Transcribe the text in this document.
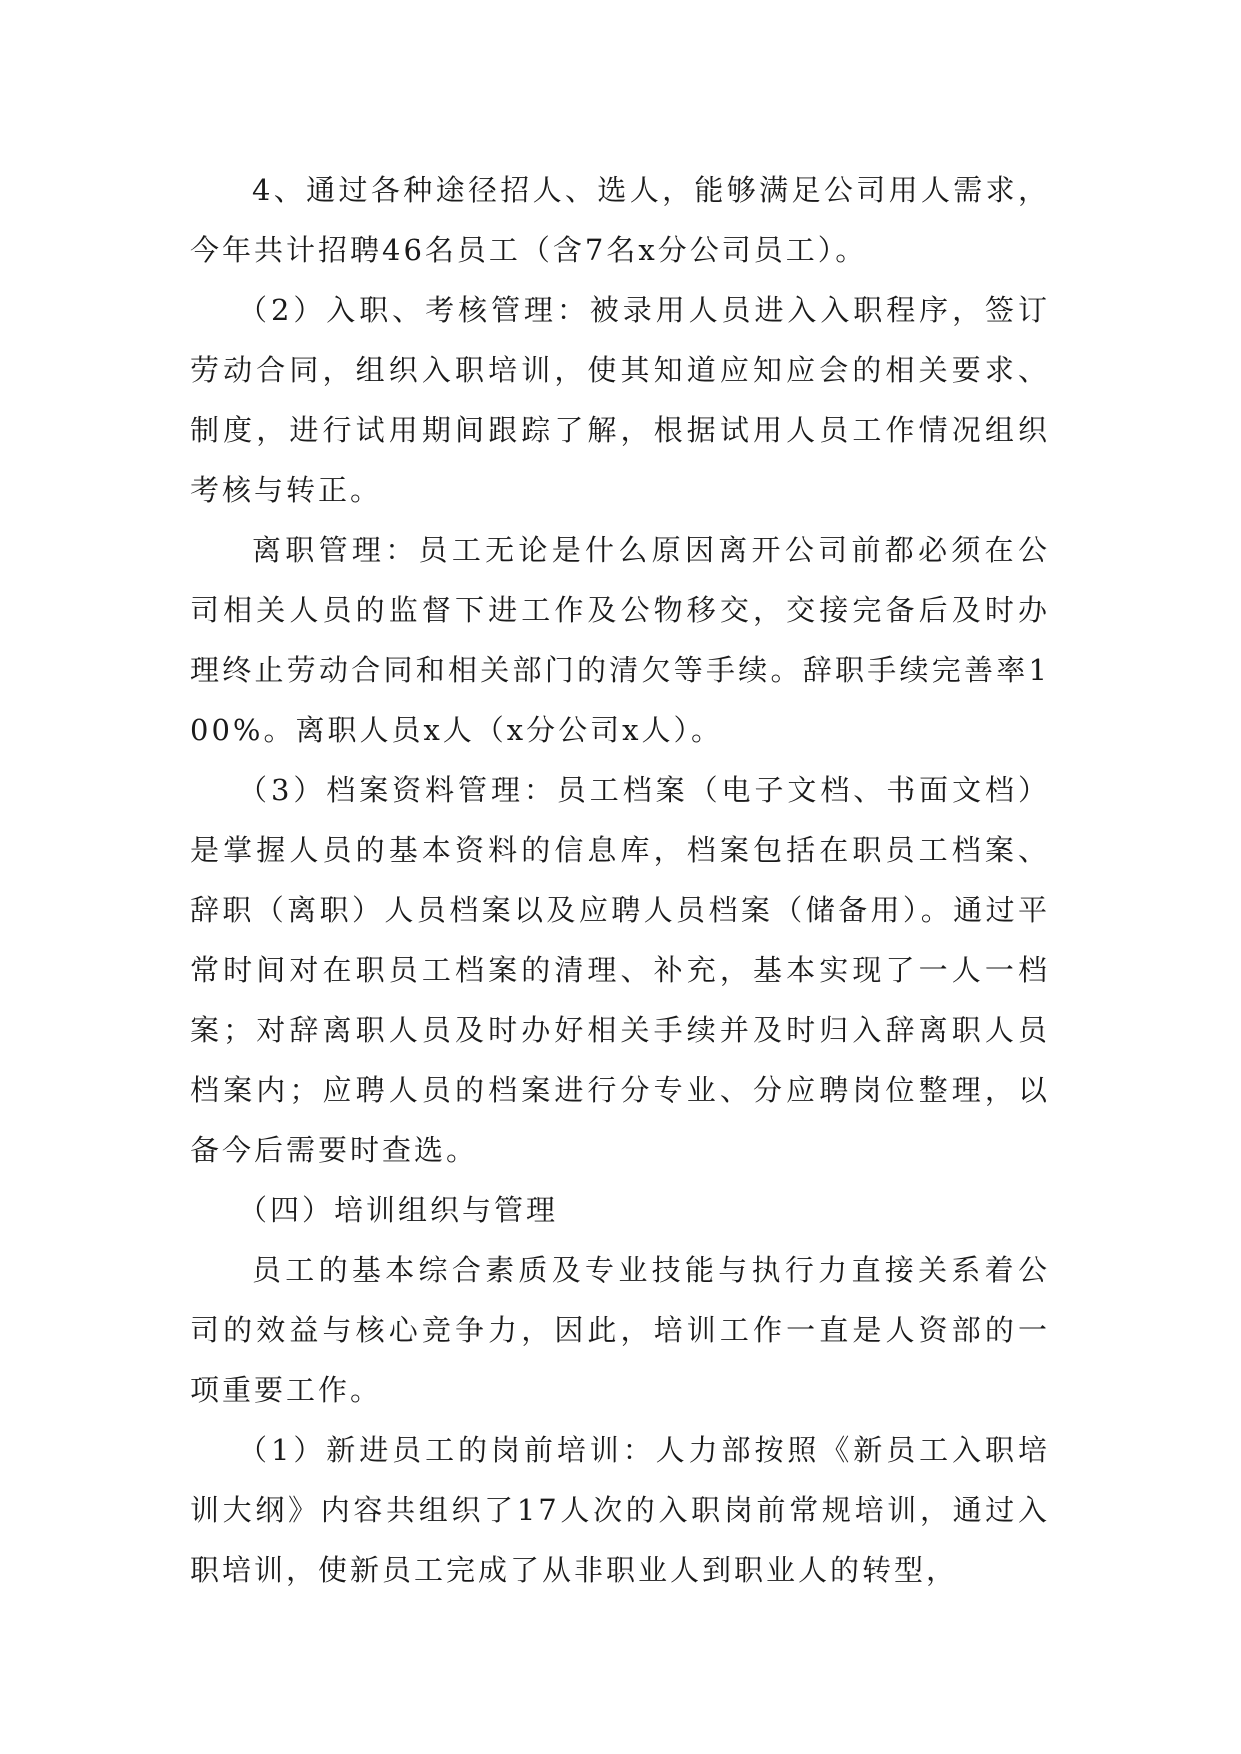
4、通过各种途径招人、选人，能够满足公司用人需求，今年共计招聘46名员工（含7名x分公司员工）。

（2）入职、考核管理：被录用人员进入入职程序，签订劳动合同，组织入职培训，使其知道应知应会的相关要求、制度，进行试用期间跟踪了解，根据试用人员工作情况组织考核与转正。

离职管理：员工无论是什么原因离开公司前都必须在公司相关人员的监督下进工作及公物移交，交接完备后及时办理终止劳动合同和相关部门的清欠等手续。辞职手续完善率100%。离职人员x人（x分公司x人）。

（3）档案资料管理：员工档案（电子文档、书面文档）是掌握人员的基本资料的信息库，档案包括在职员工档案、辞职（离职）人员档案以及应聘人员档案（储备用）。通过平常时间对在职员工档案的清理、补充，基本实现了一人一档案；对辞离职人员及时办好相关手续并及时归入辞离职人员档案内；应聘人员的档案进行分专业、分应聘岗位整理，以备今后需要时查选。

（四）培训组织与管理

员工的基本综合素质及专业技能与执行力直接关系着公司的效益与核心竞争力，因此，培训工作一直是人资部的一项重要工作。

（1）新进员工的岗前培训：人力部按照《新员工入职培训大纲》内容共组织了17人次的入职岗前常规培训，通过入职培训，使新员工完成了从非职业人到职业人的转型，
